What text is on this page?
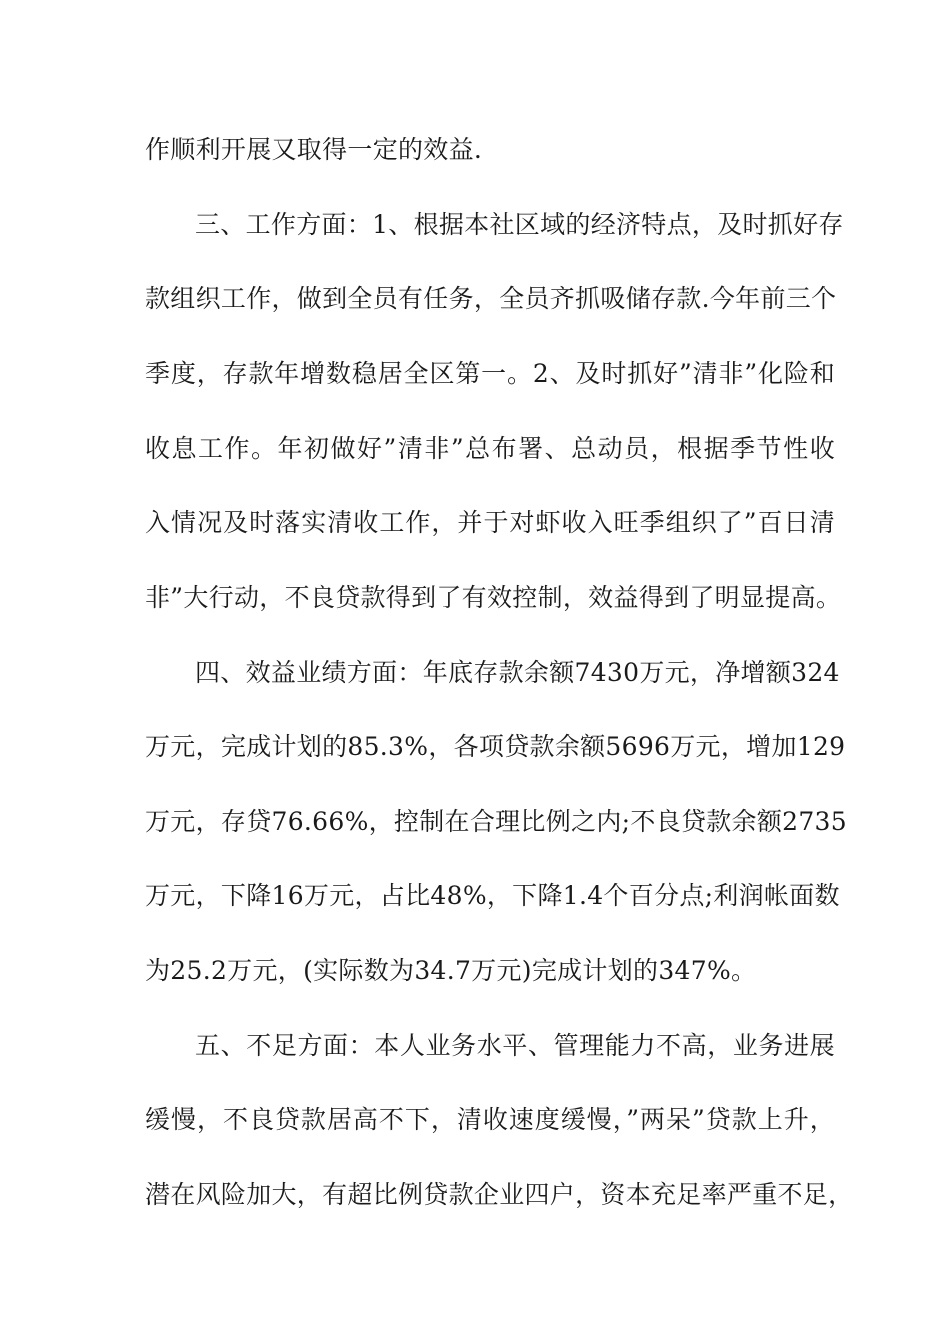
作顺利开展又取得一定的效益.
三、工作方面：1、根据本社区域的经济特点，及时抓好存
款组织工作，做到全员有任务，全员齐抓吸储存款.今年前三个
季度，存款年增数稳居全区第一。2、及时抓好”清非”化险和
收息工作。年初做好”清非”总布署、总动员，根据季节性收
入情况及时落实清收工作，并于对虾收入旺季组织了”百日清
非”大行动，不良贷款得到了有效控制，效益得到了明显提高。
四、效益业绩方面：年底存款余额7430万元，净增额324
万元，完成计划的85.3%，各项贷款余额5696万元，增加129
万元，存贷76.66%，控制在合理比例之内;不良贷款余额2735
万元，下降16万元，占比48%，下降1.4个百分点;利润帐面数
为25.2万元，(实际数为34.7万元)完成计划的347%。
五、不足方面：本人业务水平、管理能力不高，业务进展
缓慢，不良贷款居高不下，清收速度缓慢，”两呆”贷款上升，
潜在风险加大，有超比例贷款企业四户，资本充足率严重不足，
